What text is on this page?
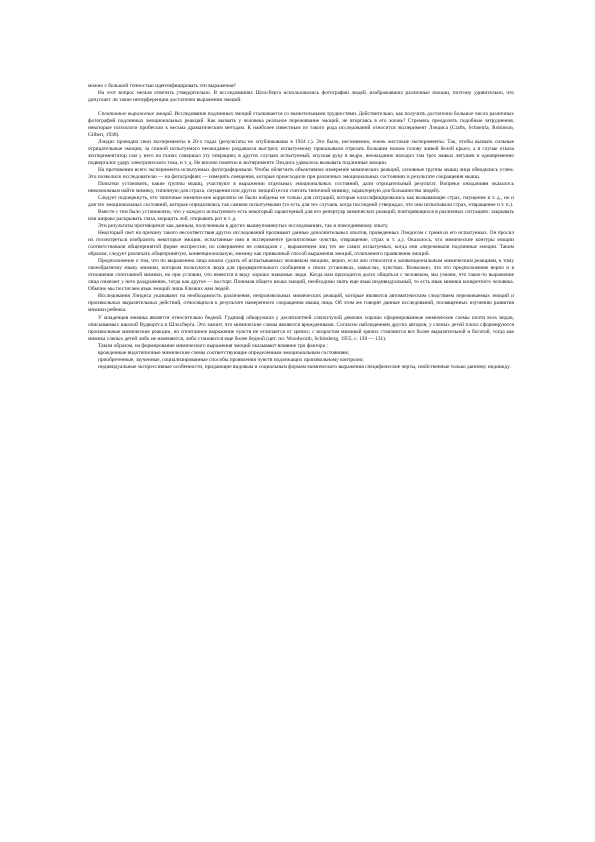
можно с большой точностью идентифицировать эти выражения?

На этот вопрос нельзя ответить утвердительно. В исследованиях Шлосберга использовались фотографии людей, изображавших различные эмоции, поэтому удивительно, что допускает ли такие интерференции достаточно выражения эмоций.

Спонтанное выражение эмоций. Исследование подлинных эмоций сталкивается со значительными трудностями. Действительно, как получить достаточно большое число различных фотографий подлинных эмоциональных реакций. Как вызвать у человека реальное переживание эмоций, не вторгаясь в его жизнь? Стремясь преодолеть подобные затруднения, некоторые психологи прибегали к весьма драматическим методам. К наиболее известным из такого рода исследований относится эксперимент Лэндиса (Crafts, Schneirla, Robinson, Gilbert, 1938).

Лэндис проводил свои эксперименты в 20-х годах (результаты их опубликованы в 1924 г.). Это было, несомненно, очень жестокие эксперименты. Так, чтобы вызвать сильные отрицательные эмоции, за спиной испытуемого неожиданно раздавался выстрел; испытуемому приказывали отрезать большим ножом голову живой белой крысе, а в случае отказа экспериментатор сам у него на глазах совершал эту операцию; в других случаях испытуемый, опуская руку в ведро, неожиданно находил там трех живых лягушек и одновременно подвергался удару электрического тока, и т. д. Не вполне понятно в эксперименте Лэндиса удавалось вызывать подлинные эмоции.

На протяжении всего эксперимента испытуемых фотографировали. Чтобы облегчить объективное измерение мимических реакций, основные группы мышц лица обводились углем. Это позволило исследователю — на фотографиях — измерять смещения, которые происходили при различных эмоциональных состояниях в результате сокращения мышц.

Попытки установить, какие группы мышц, участвуют в выражении отдельных эмоциональных состояний, дали отрицательный результат. Вопреки ожиданиям оказалось невозможным найти мимику, типичную для страха, смущения или других эмоций (если считать типичной мимику, характерную для большинства людей).

Следует подчеркнуть, что типичные мимические корреляты не были найдены не только для ситуаций, которые классифицировались как вызывающие страх, смущение и т. д., но и для тех эмоциональных состояний, которые определялись так самими испытуемыми (то есть для тех случаев, когда последний утверждал, что они испытывали страх, отвращение и т. п.).

Вместе с тем было установлено, что у каждого испытуемого есть некоторый характерный для его репертуар мимических реакций, повторяющихся в различных ситуациях: закрывать или широко раскрывать глаза, морщить лоб, открывать рот и т. д.

Эти результаты противоречат как данным, полученным в других вышеупомянутых исследованиях, так и повседневному опыту.

Некоторый свет на причину такого несоответствия других исследований проливают данные дополнительных опытов, проведенных Лэндисом с тремя из его испытуемых. Он просил их посмотреться изобразить некоторые эмоции, испытанные ими в эксперименте (религиозные чувства, отвращение, страх и т. д.). Оказалось, что мимические контуры эмоции соответствовали общепринятой форме экспрессии, но совершенно не совпадали с , выражением лиц тех же самих испытуемых, когда они «переживали подлинные эмоции. Таким образом, следует различать общепринятую, конвенциональную, мимику как привычный способ выражения эмоций, отличаемого проявления эмоций.

Предположение о том, что по выражению лица можно судить об испытываемых человеком эмоциях, верно, если оно относится к конвенциональным мимическим реакциям, к тому своеобразному языку мимики, которым пользуются люди для предварительного сообщения о своих установках, замыслах, чувствах. Возможно, что это предположение верно и в отношении спонтанной мимики, но при условии, что имеются в виду хорошо знакомые люди. Когда нам приходится долго общаться с человеком, мы узнаем, что такое-то выражение лица означает у него раздражение, тогда как другое — восторг. Понимая общего языка эмоций, необходимо знать еще язык индивидуальный, то есть язык мимики конкретного человека. Обычно мы постигаем язык эмоций лишь близких нам людей.

Исследования Лэндиса указывают на необходимость различения, непроизвольных мимических реакций, которые являются автоматическим следствием переживаемых эмоций и произвольных выразительных действий, относящихся к результате намеренного сокращения мышц лица. Об этом же говорят данные исследований, посвященных изучению развития мимики ребенка.

У младенцев мимика является относительно бедной. Гудинаф обнаружила у десятилетней слепоглухой девочки хорошо сформированные мимические схемы почти всех видов, описываемых шкалой Вудвортса и Шлосберга. Это значит, что мимические схемы являются врожденными. Согласно наблюдениям других авторов, у слепых детей плохо сформируются произвольные мимические реакции, но спонтанное выражение чувств не отличается от зрячих; с возрастом мимикой зрячих становится все более выразительной и богатой, тогда как мимика слепых детей либо не изменяется, либо становится еще более бедной (цит. по: Woodworth, Schlosberg, 1955, с. 130 — 131).

Таким образом, на формирование мимического выражения эмоций оказывают влияние три фактора :

врожденные видотипичные мимические схемы соответствующие определенным эмоциональным состояниям;

приобретенные, заученные, социализированные способы проявления чувств подлежащих произвольному контролю;

индивидуальные экспрессивные особенности, придающие видовым и социальным формам мимического выражения специфические черты, свойственные только данному индивиду.
